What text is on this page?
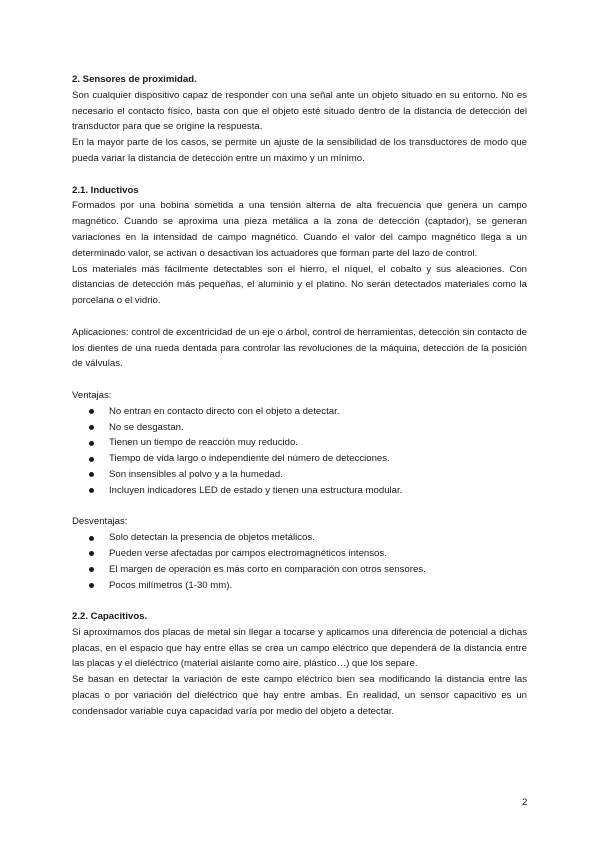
2. Sensores de proximidad.

Son cualquier dispositivo capaz de responder con una señal ante un objeto situado en su entorno. No es necesario el contacto físico, basta con que el objeto esté situado dentro de la distancia de detección del transductor para que se origine la respuesta.

En la mayor parte de los casos, se permite un ajuste de la sensibilidad de los transductores de modo que pueda variar la distancia de detección entre un máximo y un mínimo.

2.1. Inductivos

Formados por una bobina sometida a una tensión alterna de alta frecuencia que genera un campo magnético. Cuando se aproxima una pieza metálica a la zona de detección (captador), se generan variaciones en la intensidad de campo magnético. Cuando el valor del campo magnético llega a un determinado valor, se activan o desactivan los actuadores que forman parte del lazo de control.

Los materiales más fácilmente detectables son el hierro, el níquel, el cobalto y sus aleaciones. Con distancias de detección más pequeñas, el aluminio y el platino. No serán detectados materiales como la porcelana o el vidrio.

Aplicaciones: control de excentricidad de un eje o árbol, control de herramientas, detección sin contacto de los dientes de una rueda dentada para controlar las revoluciones de la máquina, detección de la posición de válvulas.

Ventajas:
No entran en contacto directo con el objeto a detectar.
No se desgastan.
Tienen un tiempo de reacción muy reducido.
Tiempo de vida largo o independiente del número de detecciones.
Son insensibles al polvo y a la humedad.
Incluyen indicadores LED de estado y tienen una estructura modular.
Desventajas:
Solo detectan la presencia de objetos metálicos.
Pueden verse afectadas por campos electromagnéticos intensos.
El margen de operación es más corto en comparación con otros sensores.
Pocos milímetros (1-30 mm).
2.2. Capacitivos.

Si aproximamos dos placas de metal sin llegar a tocarse y aplicamos una diferencia de potencial a dichas placas, en el espacio que hay entre ellas se crea un campo eléctrico que dependerá de la distancia entre las placas y el dieléctrico (material aislante como aire, plástico…) que los separe.

Se basan en detectar la variación de este campo eléctrico bien sea modificando la distancia entre las placas o por variación del dieléctrico que hay entre ambas. En realidad, un sensor capacitivo es un condensador variable cuya capacidad varía por medio del objeto a detectar.

2
